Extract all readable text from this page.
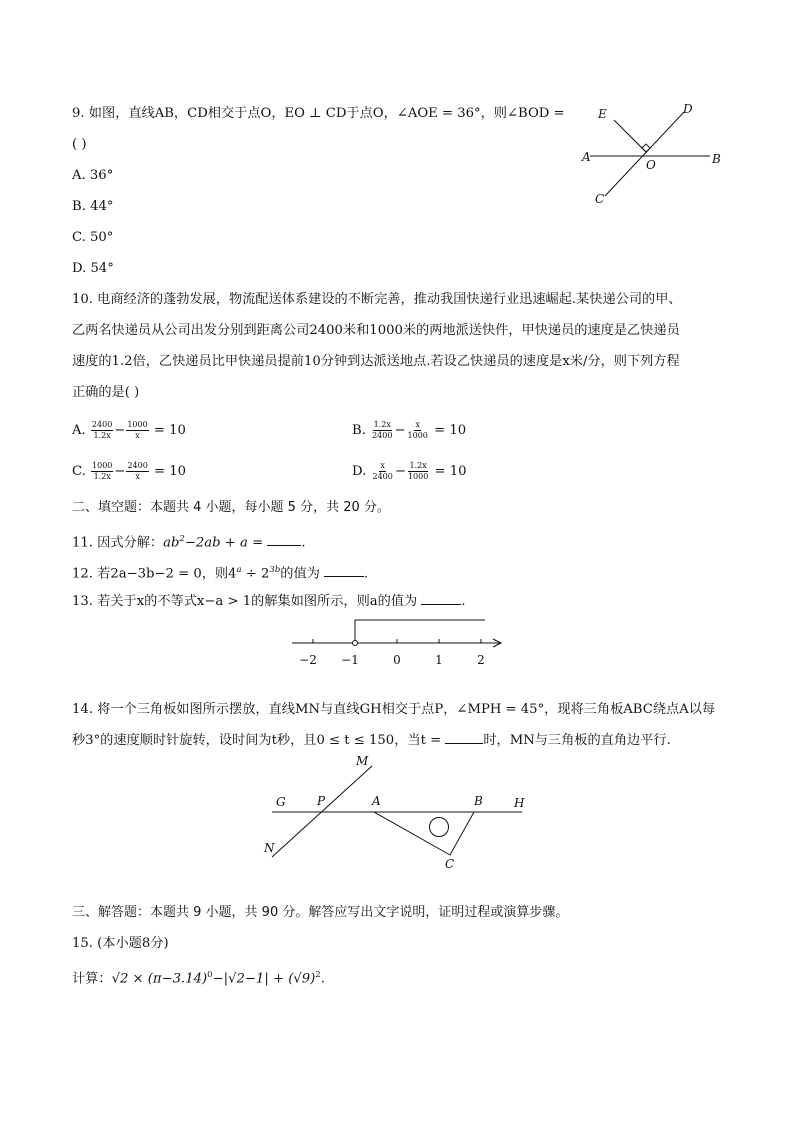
9. 如图，直线AB，CD相交于点O，EO ⊥ CD于点O，∠AOE = 36°，则∠BOD =
( )
A. 36°
B. 44°
C. 50°
D. 54°
E	D
A
O	B
C
10. 电商经济的蓬勃发展，物流配送体系建设的不断完善，推动我国快递行业迅速崛起.某快递公司的甲、
乙两名快递员从公司出发分别到距离公司2400米和1000米的两地派送快件，甲快递员的速度是乙快递员
速度的1.2倍，乙快递员比甲快递员提前10分钟到达派送地点.若设乙快递员的速度是x米/分，则下列方程
正确的是( )
A. $\frac{2400}{1.2x} - \frac{1000}{x} = 10$	B. $\frac{1.2x}{2400} - \frac{x}{1000} = 10$
C. $\frac{1000}{1.2x} - \frac{2400}{x} = 10$	D. $\frac{x}{2400} - \frac{1.2x}{1000} = 10$
二、填空题：本题共 4 小题，每小题 5 分，共 20 分。
11. 因式分解：$ab^2-2ab + a$ =	.
12. 若2a−3b−2 = 0，则$4^a \div 2^{3b}$的值为	.
13. 若关于x的不等式x−a > 1的解集如图所示，则a的值为	.
−2 −1	0	1	2
14. 将一个三角板如图所示摆放，直线MN与直线GH相交于点P，∠MPH = 45°，现将三角板ABC绕点A以每
秒3°的速度顺时针旋转，设时间为t秒，且0 ≤ t ≤ 150，当t =	时，MN与三角板的直角边平行.
M
G	P	A	B	H
N
C
三、解答题：本题共 9 小题，共 90 分。解答应写出文字说明，证明过程或演算步骤。
15. (本小题8分)
计算：$√2 \times (\pi-3.14)^0-|√2-1| + (√9)^2$.
